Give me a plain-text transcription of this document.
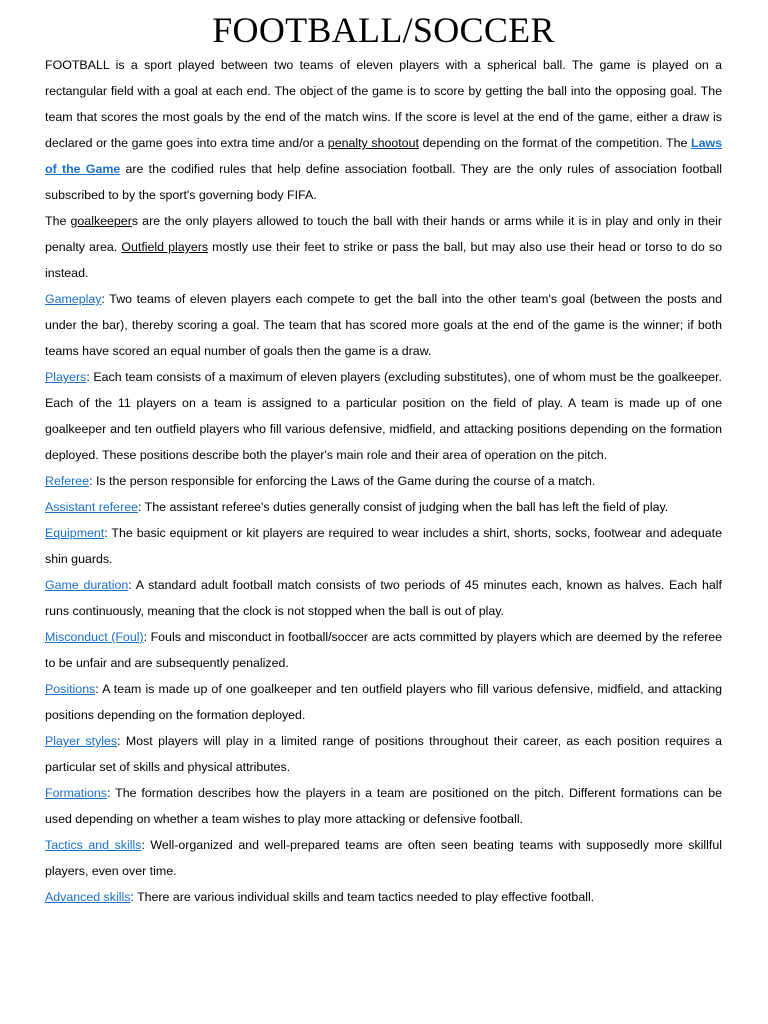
FOOTBALL/SOCCER

FOOTBALL is a sport played between two teams of eleven players with a spherical ball. The game is played on a rectangular field with a goal at each end. The object of the game is to score by getting the ball into the opposing goal. The team that scores the most goals by the end of the match wins. If the score is level at the end of the game, either a draw is declared or the game goes into extra time and/or a penalty shootout depending on the format of the competition. The Laws of the Game are the codified rules that help define association football. They are the only rules of association football subscribed to by the sport's governing body FIFA.

The goalkeepers are the only players allowed to touch the ball with their hands or arms while it is in play and only in their penalty area. Outfield players mostly use their feet to strike or pass the ball, but may also use their head or torso to do so instead.

Gameplay: Two teams of eleven players each compete to get the ball into the other team's goal (between the posts and under the bar), thereby scoring a goal. The team that has scored more goals at the end of the game is the winner; if both teams have scored an equal number of goals then the game is a draw.

Players: Each team consists of a maximum of eleven players (excluding substitutes), one of whom must be the goalkeeper. Each of the 11 players on a team is assigned to a particular position on the field of play. A team is made up of one goalkeeper and ten outfield players who fill various defensive, midfield, and attacking positions depending on the formation deployed. These positions describe both the player's main role and their area of operation on the pitch.

Referee: Is the person responsible for enforcing the Laws of the Game during the course of a match.

Assistant referee: The assistant referee's duties generally consist of judging when the ball has left the field of play.

Equipment: The basic equipment or kit players are required to wear includes a shirt, shorts, socks, footwear and adequate shin guards.

Game duration: A standard adult football match consists of two periods of 45 minutes each, known as halves. Each half runs continuously, meaning that the clock is not stopped when the ball is out of play.

Misconduct (Foul): Fouls and misconduct in football/soccer are acts committed by players which are deemed by the referee to be unfair and are subsequently penalized.

Positions: A team is made up of one goalkeeper and ten outfield players who fill various defensive, midfield, and attacking positions depending on the formation deployed.

Player styles: Most players will play in a limited range of positions throughout their career, as each position requires a particular set of skills and physical attributes.

Formations: The formation describes how the players in a team are positioned on the pitch. Different formations can be used depending on whether a team wishes to play more attacking or defensive football.

Tactics and skills: Well-organized and well-prepared teams are often seen beating teams with supposedly more skillful players, even over time.

Advanced skills: There are various individual skills and team tactics needed to play effective football.
